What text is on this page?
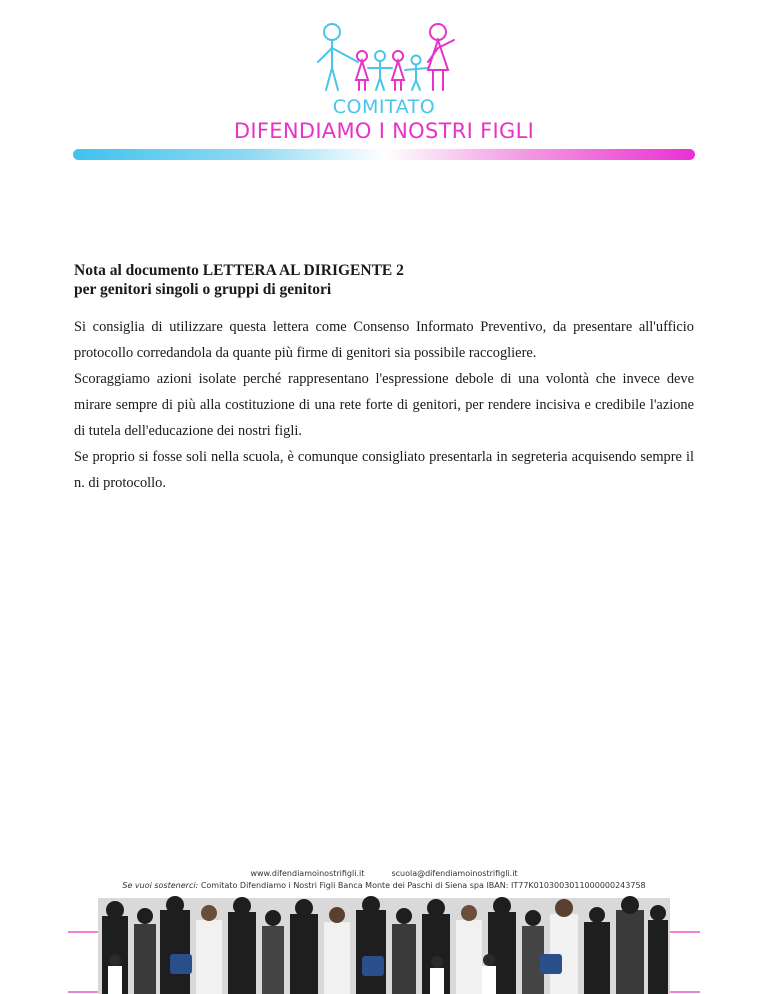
COMITATO
DIFENDIAMO I NOSTRI FIGLI
Nota al documento LETTERA AL DIRIGENTE 2
per genitori singoli o gruppi di genitori

Si consiglia di utilizzare questa lettera come Consenso Informato Preventivo, da presentare all'ufficio protocollo corredandola da quante più firme di genitori sia possibile raccogliere.

Scoraggiamo azioni isolate perché rappresentano l'espressione debole di una volontà che invece deve mirare sempre di più alla costituzione di una rete forte di genitori, per rendere incisiva e credibile l'azione di tutela dell'educazione dei nostri figli.

Se proprio si fosse soli nella scuola, è comunque consigliato presentarla in segreteria acquisendo sempre il n. di protocollo.

www.difendiamoinostrifigli.it	scuola@difendiamoinostrifigli.it
Se vuoi sostenerci: Comitato Difendiamo i Nostri Figli Banca Monte dei Paschi di Siena spa IBAN: IT77K0103003011000000243758
